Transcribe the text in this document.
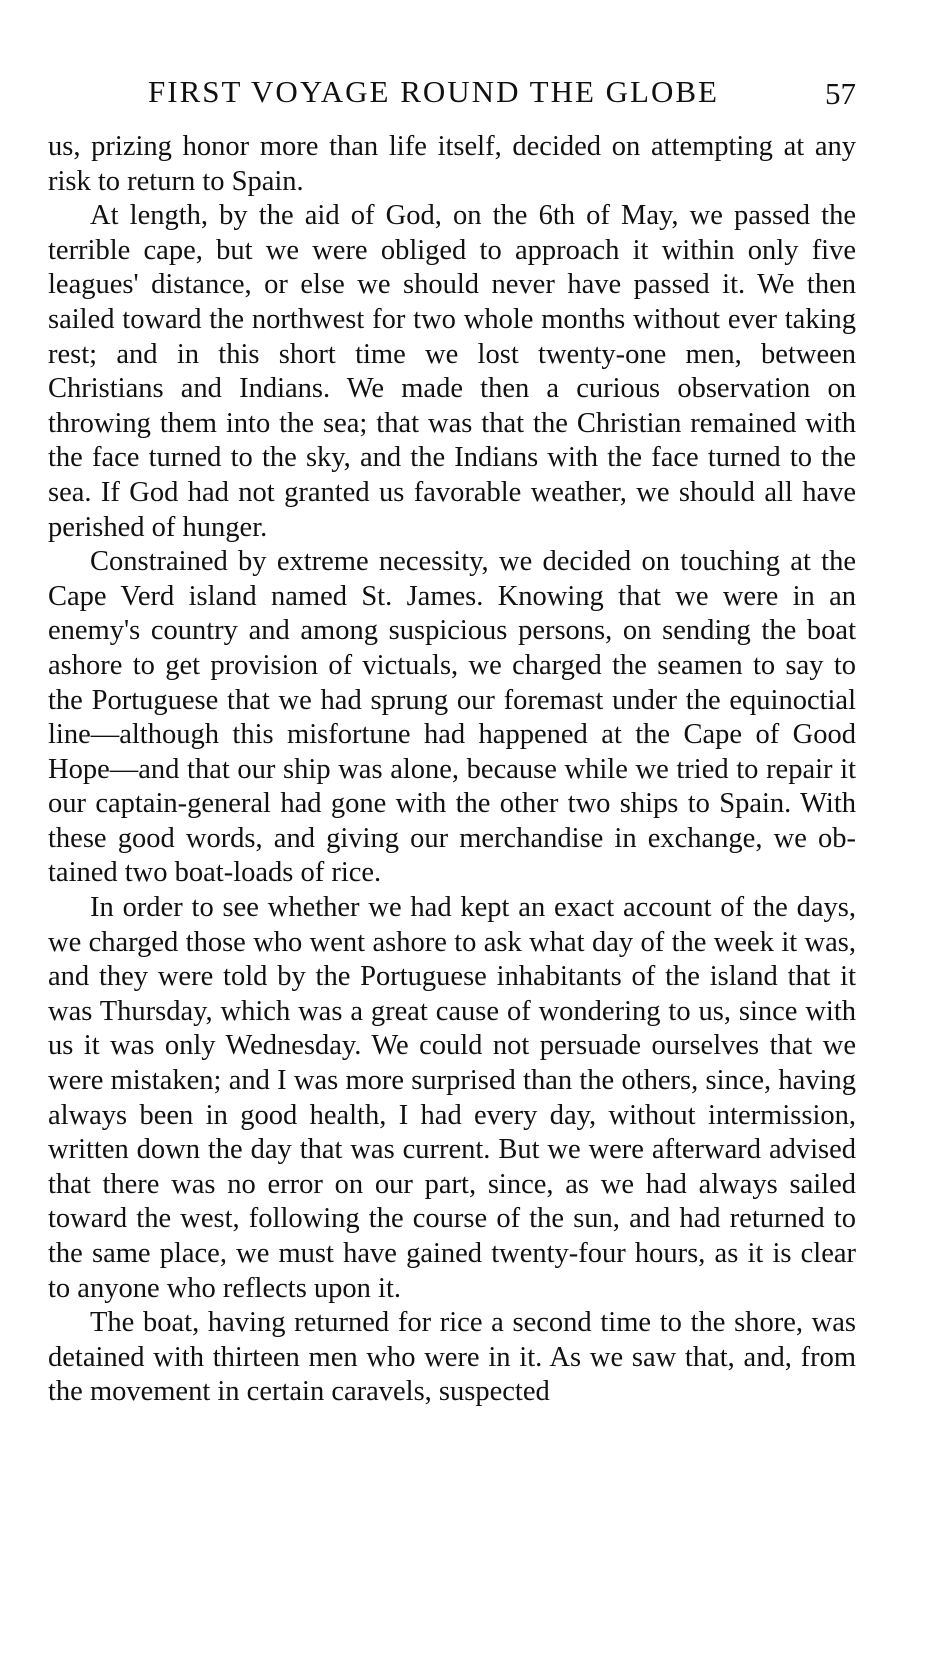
FIRST VOYAGE ROUND THE GLOBE	57

us, prizing honor more than life itself, decided on attempting at any risk to return to Spain.

At length, by the aid of God, on the 6th of May, we passed the terrible cape, but we were obliged to approach it within only five leagues' distance, or else we should never have passed it. We then sailed toward the northwest for two whole months without ever taking rest; and in this short time we lost twenty-one men, between Christians and Indians. We made then a curious observation on throwing them into the sea; that was that the Christian remained with the face turned to the sky, and the Indians with the face turned to the sea. If God had not granted us favorable weather, we should all have perished of hunger.

Constrained by extreme necessity, we decided on touching at the Cape Verd island named St. James. Knowing that we were in an enemy's country and among suspicious persons, on sending the boat ashore to get provision of victuals, we charged the seamen to say to the Portuguese that we had sprung our foremast under the equinoctial line—although this misfortune had happened at the Cape of Good Hope—and that our ship was alone, because while we tried to repair it our captain-general had gone with the other two ships to Spain. With these good words, and giving our merchandise in exchange, we obtained two boat-loads of rice.

In order to see whether we had kept an exact account of the days, we charged those who went ashore to ask what day of the week it was, and they were told by the Portuguese inhabitants of the island that it was Thursday, which was a great cause of wondering to us, since with us it was only Wednesday. We could not persuade ourselves that we were mistaken; and I was more surprised than the others, since, having always been in good health, I had every day, without intermission, written down the day that was current. But we were afterward advised that there was no error on our part, since, as we had always sailed toward the west, following the course of the sun, and had returned to the same place, we must have gained twenty-four hours, as it is clear to anyone who reflects upon it.

The boat, having returned for rice a second time to the shore, was detained with thirteen men who were in it. As we saw that, and, from the movement in certain caravels, suspected
